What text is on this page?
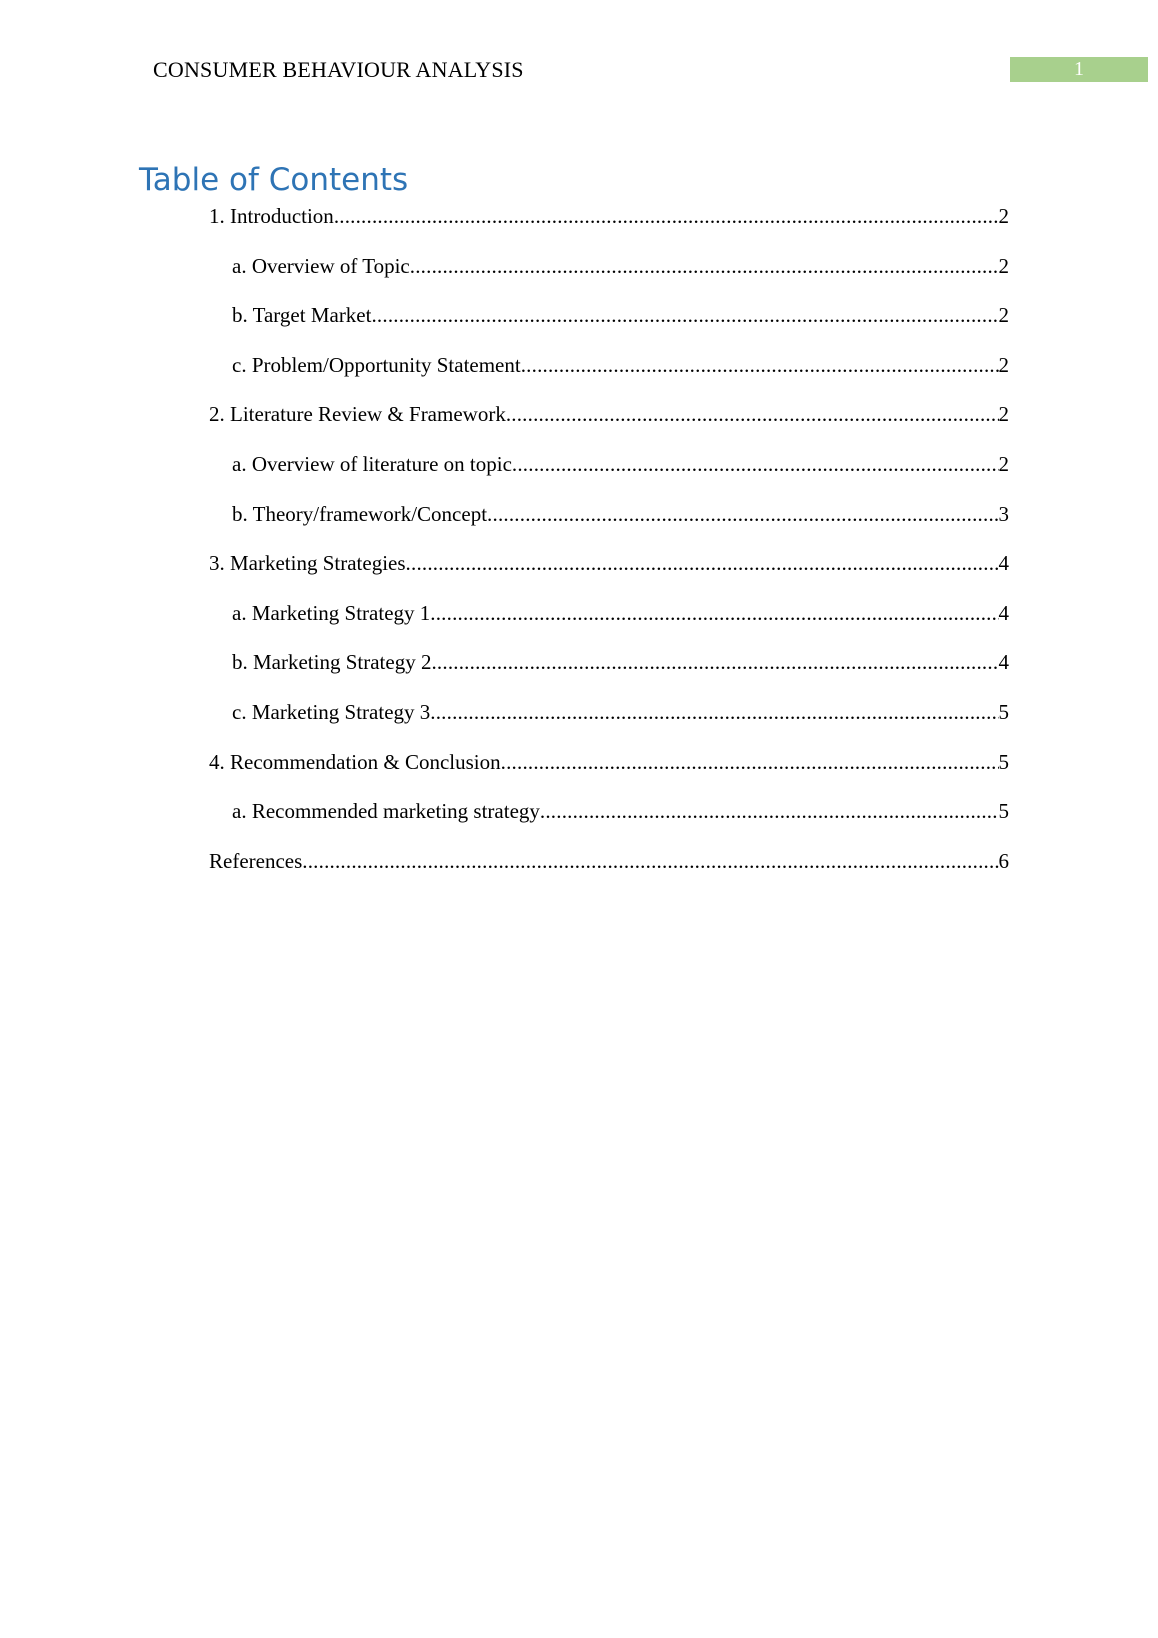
CONSUMER BEHAVIOUR ANALYSIS	1
Table of Contents
1. Introduction .....	2
a. Overview of Topic .....	2
b. Target Market .....	2
c. Problem/Opportunity Statement .....	2
2. Literature Review & Framework .....	2
a. Overview of literature on topic .....	2
b. Theory/framework/Concept .....	3
3. Marketing Strategies .....	4
a. Marketing Strategy 1 .....	4
b. Marketing Strategy 2 .....	4
c. Marketing Strategy 3 .....	5
4. Recommendation & Conclusion .....	5
a. Recommended marketing strategy .....	5
References .....	6
